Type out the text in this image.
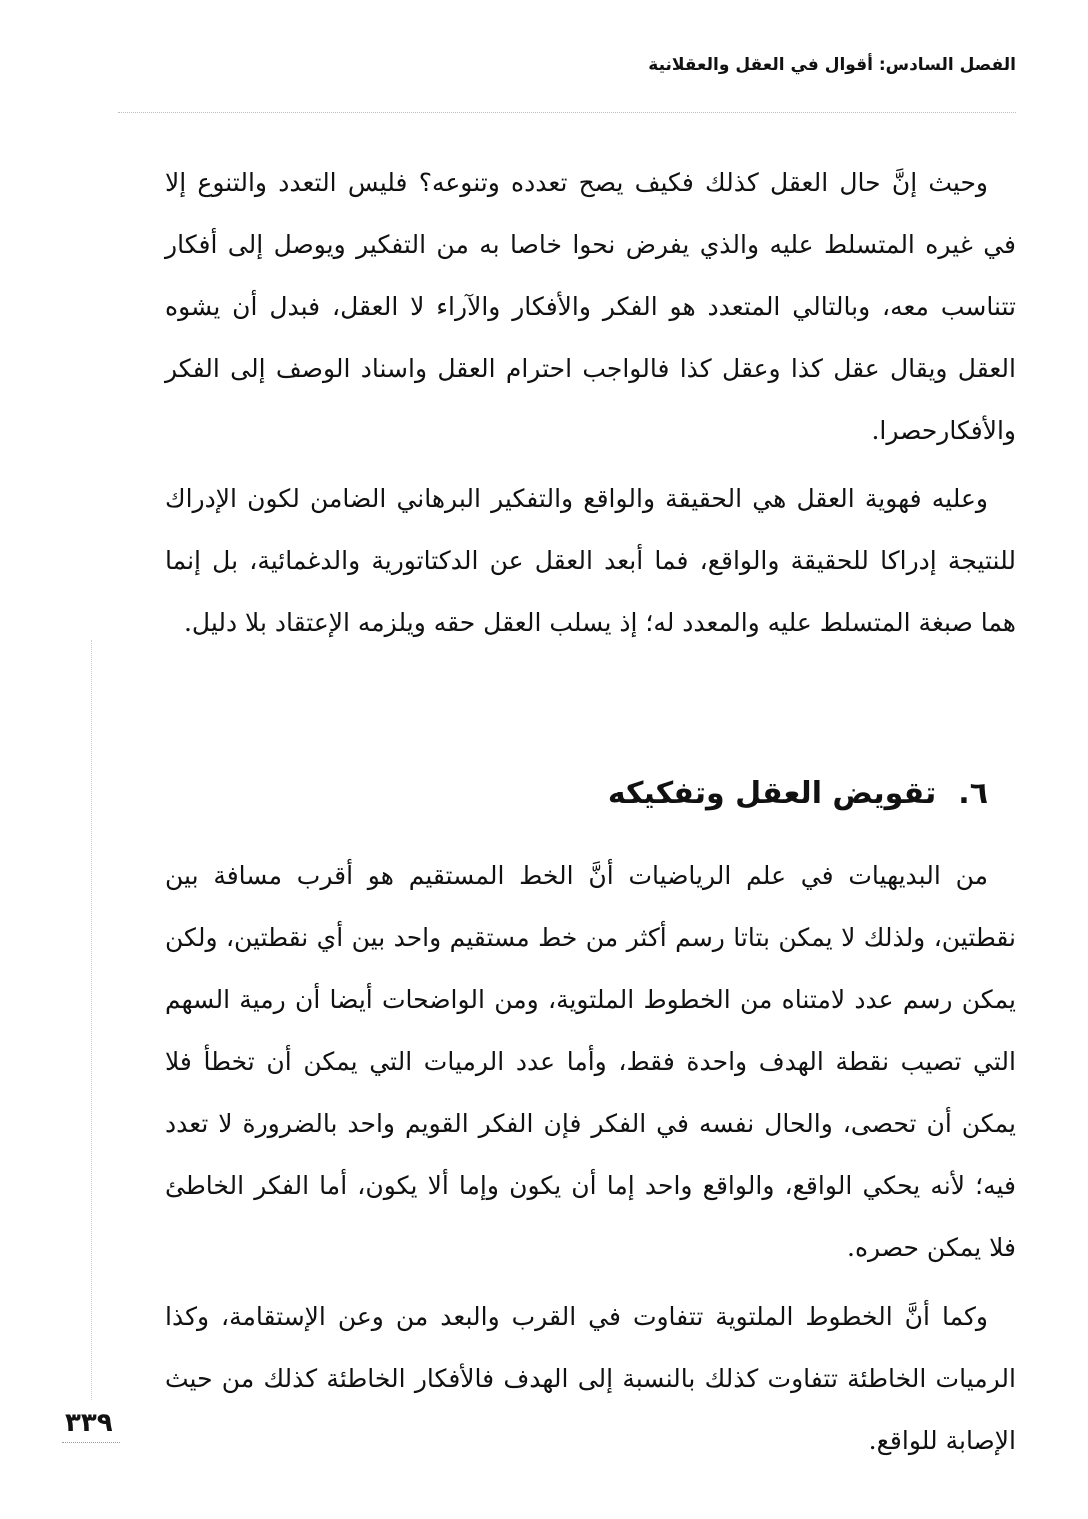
الفصل السادس: أقوال في العقل والعقلانية

وحيث إنَّ حال العقل كذلك فكيف يصح تعدده وتنوعه؟ فليس التعدد والتنوع إلا في غيره المتسلط عليه والذي يفرض نحوا خاصا به من التفكير ويوصل إلى أفكار تتناسب معه، وبالتالي المتعدد هو الفكر والأفكار والآراء لا العقل، فبدل أن يشوه العقل ويقال عقل كذا وعقل كذا فالواجب احترام العقل واسناد الوصف إلى الفكر والأفكارحصرا.

وعليه فهوية العقل هي الحقيقة والواقع والتفكير البرهاني الضامن لكون الإدراك للنتيجة إدراكا للحقيقة والواقع، فما أبعد العقل عن الدكتاتورية والدغمائية، بل إنما هما صبغة المتسلط عليه والمعدد له؛ إذ يسلب العقل حقه ويلزمه الإعتقاد بلا دليل.

٦.تقويض العقل وتفكيكه

من البديهيات في علم الرياضيات أنَّ الخط المستقيم هو أقرب مسافة بين نقطتين، ولذلك لا يمكن بتاتا رسم أكثر من خط مستقيم واحد بين أي نقطتين، ولكن يمكن رسم عدد لامتناه من الخطوط الملتوية، ومن الواضحات أيضا أن رمية السهم التي تصيب نقطة الهدف واحدة فقط، وأما عدد الرميات التي يمكن أن تخطأ فلا يمكن أن تحصى، والحال نفسه في الفكر فإن الفكر القويم واحد بالضرورة لا تعدد فيه؛ لأنه يحكي الواقع، والواقع واحد إما أن يكون وإما ألا يكون، أما الفكر الخاطئ فلا يمكن حصره.

وكما أنَّ الخطوط الملتوية تتفاوت في القرب والبعد من وعن الإستقامة، وكذا الرميات الخاطئة تتفاوت كذلك بالنسبة إلى الهدف فالأفكار الخاطئة كذلك من حيث الإصابة للواقع.

٣٣٩
